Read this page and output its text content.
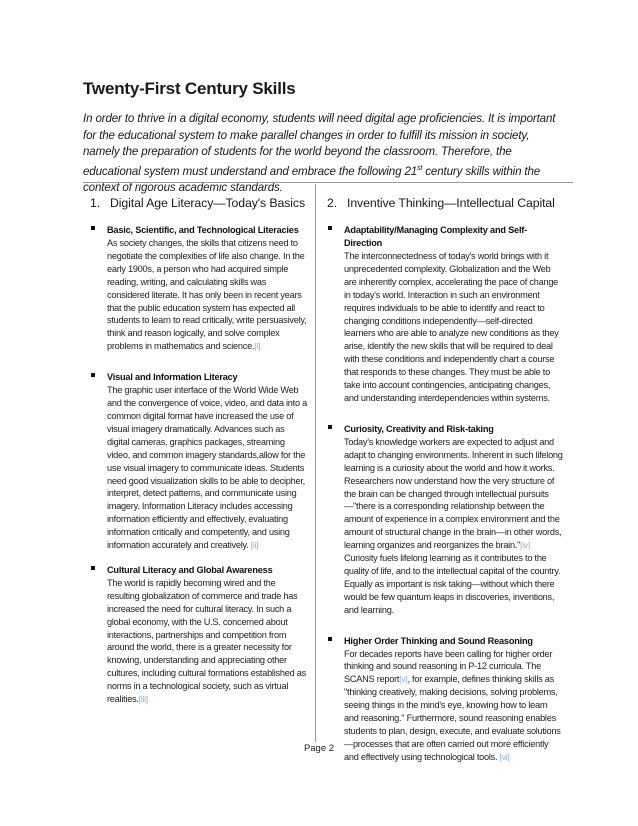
Twenty-First Century Skills
In order to thrive in a digital economy, students will need digital age proficiencies. It is important for the educational system to make parallel changes in order to fulfill its mission in society, namely the preparation of students for the world beyond the classroom. Therefore, the educational system must understand and embrace the following 21st century skills within the context of rigorous academic standards.
1. Digital Age Literacy—Today's Basics
Basic, Scientific, and Technological Literacies
As society changes, the skills that citizens need to negotiate the complexities of life also change. In the early 1900s, a person who had acquired simple reading, writing, and calculating skills was considered literate. It has only been in recent years that the public education system has expected all students to learn to read critically, write persuasively, think and reason logically, and solve complex problems in mathematics and science.[i]
Visual and Information Literacy
The graphic user interface of the World Wide Web and the convergence of voice, video, and data into a common digital format have increased the use of visual imagery dramatically. Advances such as digital cameras, graphics packages, streaming video, and common imagery standards,allow for the use visual imagery to communicate ideas. Students need good visualization skills to be able to decipher, interpret, detect patterns, and communicate using imagery. Information Literacy includes accessing information efficiently and effectively, evaluating information critically and competently, and using information accurately and creatively. [ii]
Cultural Literacy and Global Awareness
The world is rapidly becoming wired and the resulting globalization of commerce and trade has increased the need for cultural literacy. In such a global economy, with the U.S. concerned about interactions, partnerships and competition from around the world, there is a greater necessity for knowing, understanding and appreciating other cultures, including cultural formations established as norms in a technological society, such as virtual realities.[iii]
2. Inventive Thinking—Intellectual Capital
Adaptability/Managing Complexity and Self-Direction
The interconnectedness of today's world brings with it unprecedented complexity. Globalization and the Web are inherently complex, accelerating the pace of change in today's world. Interaction in such an environment requires individuals to be able to identify and react to changing conditions independently—self-directed learners who are able to analyze new conditions as they arise, identify the new skills that will be required to deal with these conditions and independently chart a course that responds to these changes. They must be able to take into account contingencies, anticipating changes, and understanding interdependencies within systems.
Curiosity, Creativity and Risk-taking
Today's knowledge workers are expected to adjust and adapt to changing environments. Inherent in such lifelong learning is a curiosity about the world and how it works. Researchers now understand how the very structure of the brain can be changed through intellectual pursuits—"there is a corresponding relationship between the amount of experience in a complex environment and the amount of structural change in the brain—in other words, learning organizes and reorganizes the brain."[iv] Curiosity fuels lifelong learning as it contributes to the quality of life, and to the intellectual capital of the country. Equally as important is risk taking—without which there would be few quantum leaps in discoveries, inventions, and learning.
Higher Order Thinking and Sound Reasoning
For decades reports have been calling for higher order thinking and sound reasoning in P-12 curricula. The SCANS report[v], for example, defines thinking skills as "thinking creatively, making decisions, solving problems, seeing things in the mind's eye, knowing how to learn and reasoning." Furthermore, sound reasoning enables students to plan, design, execute, and evaluate solutions—processes that are often carried out more efficiently and effectively using technological tools. [vi]
Page 2
